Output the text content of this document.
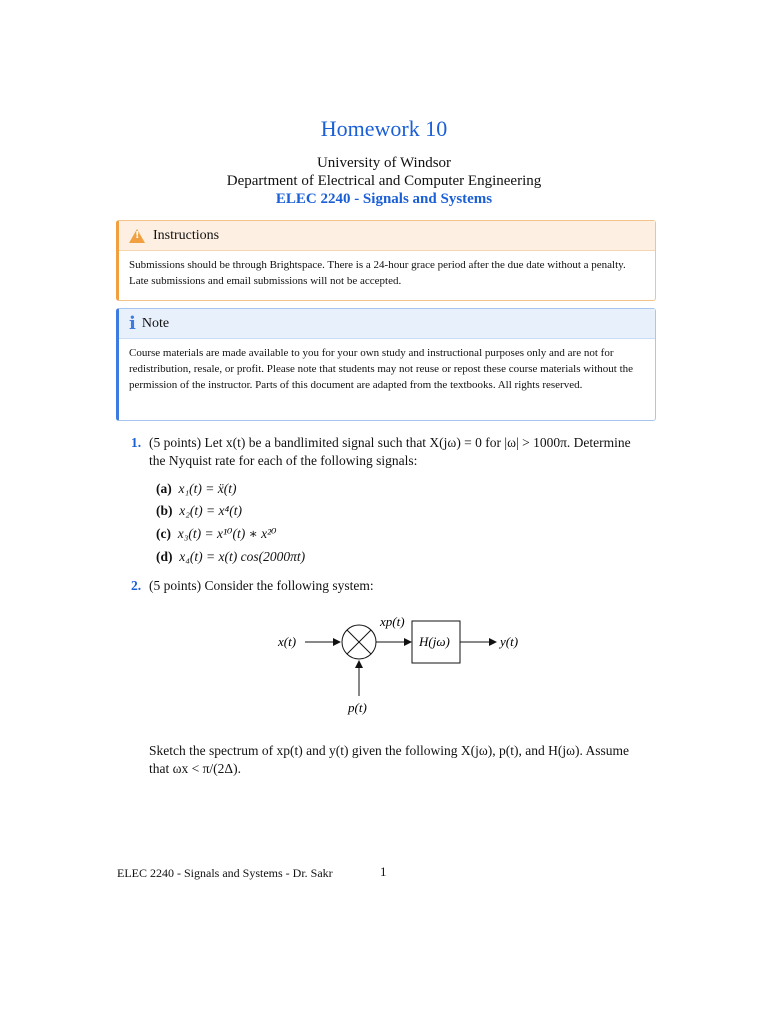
Homework 10
University of Windsor
Department of Electrical and Computer Engineering
ELEC 2240 - Signals and Systems
!
Instructions
Submissions should be through Brightspace. There is a 24-hour grace period after the due date without a penalty. Late submissions and email submissions will not be accepted.
i Note
Course materials are made available to you for your own study and instructional purposes only and are not for redistribution, resale, or profit. Please note that students may not reuse or repost these course materials without the permission of the instructor. Parts of this document are adapted from the textbooks. All rights reserved.
1. (5 points) Let x(t) be a bandlimited signal such that X(jω) = 0 for |ω| > 1000π. Determine
the Nyquist rate for each of the following signals:
(a) x₁(t) = ẍ(t)
(b) x₂(t) = x⁴(t)
(c) x₃(t) = x¹⁰(t) ∗ x²⁰
(d) x₄(t) = x(t) cos(2000πt)
2. (5 points) Consider the following system:
x(t)
xp(t)
H(jω)	y(t)
p(t)
Sketch the spectrum of xp(t) and y(t) given the following X(jω), p(t), and H(jω). Assume
that ωx < π/(2Δ).
ELEC 2240 - Signals and Systems - Dr. Sakr	1
